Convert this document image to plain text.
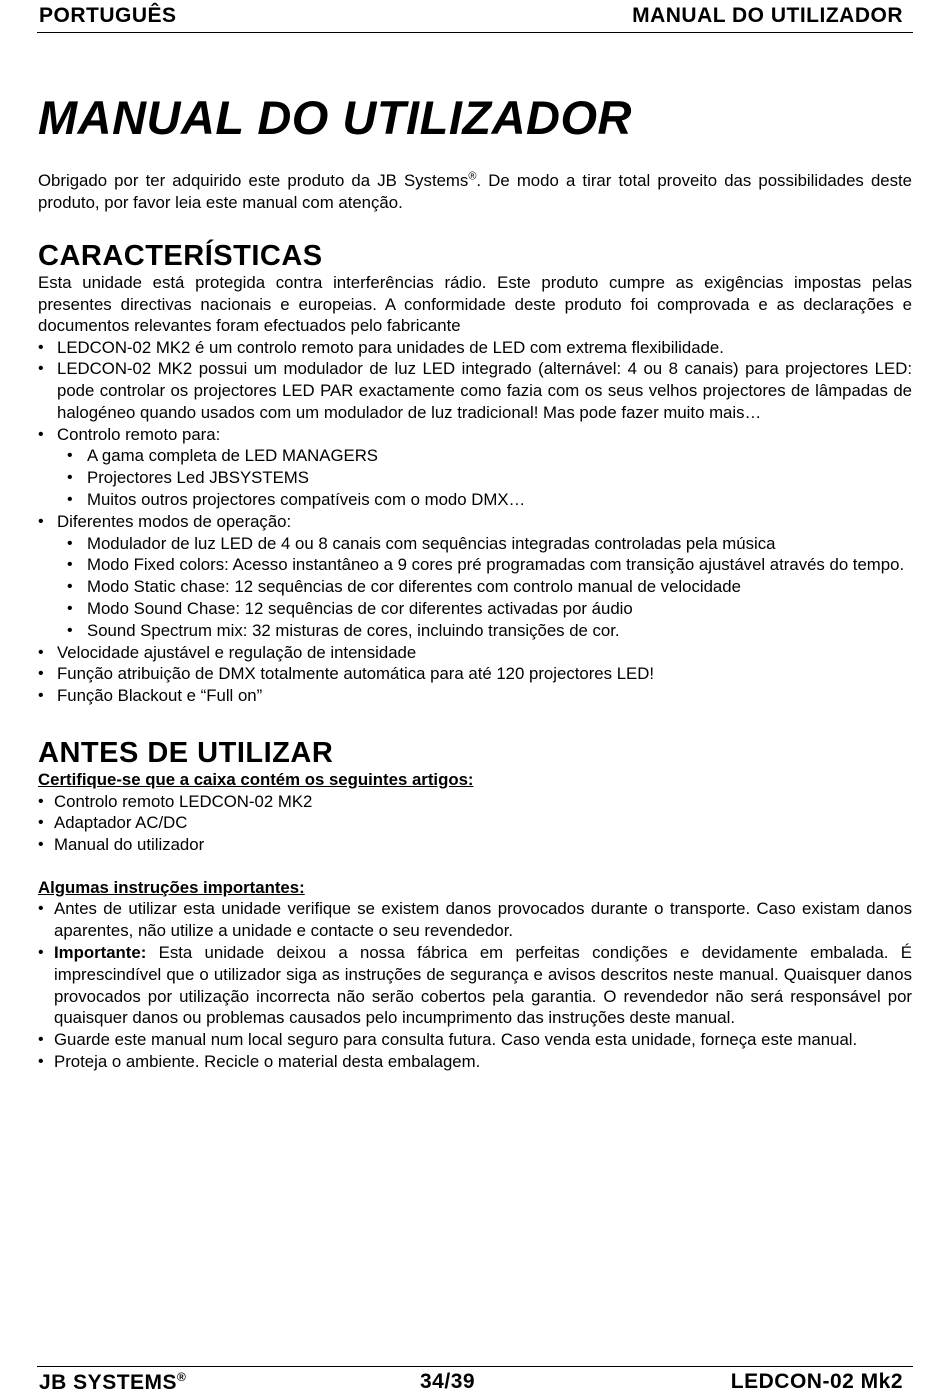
PORTUGUÊS	MANUAL DO UTILIZADOR
MANUAL DO UTILIZADOR

Obrigado por ter adquirido este produto da JB Systems®. De modo a tirar total proveito das possibilidades deste produto, por favor leia este manual com atenção.

CARACTERÍSTICAS

Esta unidade está protegida contra interferências rádio. Este produto cumpre as exigências impostas pelas presentes directivas nacionais e europeias. A conformidade deste produto foi comprovada e as declarações e documentos relevantes foram efectuados pelo fabricante

• LEDCON-02 MK2 é um controlo remoto para unidades de LED com extrema flexibilidade.
• LEDCON-02 MK2 possui um modulador de luz LED integrado (alternável: 4 ou 8 canais) para projectores LED: pode controlar os projectores LED PAR exactamente como fazia com os seus velhos projectores de lâmpadas de halogéneo quando usados com um modulador de luz tradicional! Mas pode fazer muito mais…
• Controlo remoto para:
• A gama completa de LED MANAGERS
• Projectores Led JBSYSTEMS
• Muitos outros projectores compatíveis com o modo DMX…
• Diferentes modos de operação:
• Modulador de luz LED de 4 ou 8 canais com sequências integradas controladas pela música
• Modo Fixed colors: Acesso instantâneo a 9 cores pré programadas com transição ajustável através do tempo.
• Modo Static chase: 12 sequências de cor diferentes com controlo manual de velocidade
• Modo Sound Chase: 12 sequências de cor diferentes activadas por áudio
• Sound Spectrum mix: 32 misturas de cores, incluindo transições de cor.
• Velocidade ajustável e regulação de intensidade
• Função atribuição de DMX totalmente automática para até 120 projectores LED!
• Função Blackout e “Full on”
ANTES DE UTILIZAR

Certifique-se que a caixa contém os seguintes artigos:

• Controlo remoto LEDCON-02 MK2
• Adaptador AC/DC
• Manual do utilizador

Algumas instruções importantes:

• Antes de utilizar esta unidade verifique se existem danos provocados durante o transporte. Caso existam danos aparentes, não utilize a unidade e contacte o seu revendedor.
• Importante: Esta unidade deixou a nossa fábrica em perfeitas condições e devidamente embalada. É imprescindível que o utilizador siga as instruções de segurança e avisos descritos neste manual. Quaisquer danos provocados por utilização incorrecta não serão cobertos pela garantia. O revendedor não será responsável por quaisquer danos ou problemas causados pelo incumprimento das instruções deste manual.
• Guarde este manual num local seguro para consulta futura. Caso venda esta unidade, forneça este manual.
• Proteja o ambiente. Recicle o material desta embalagem.
JB SYSTEMS®	34/39	LEDCON-02 Mk2
